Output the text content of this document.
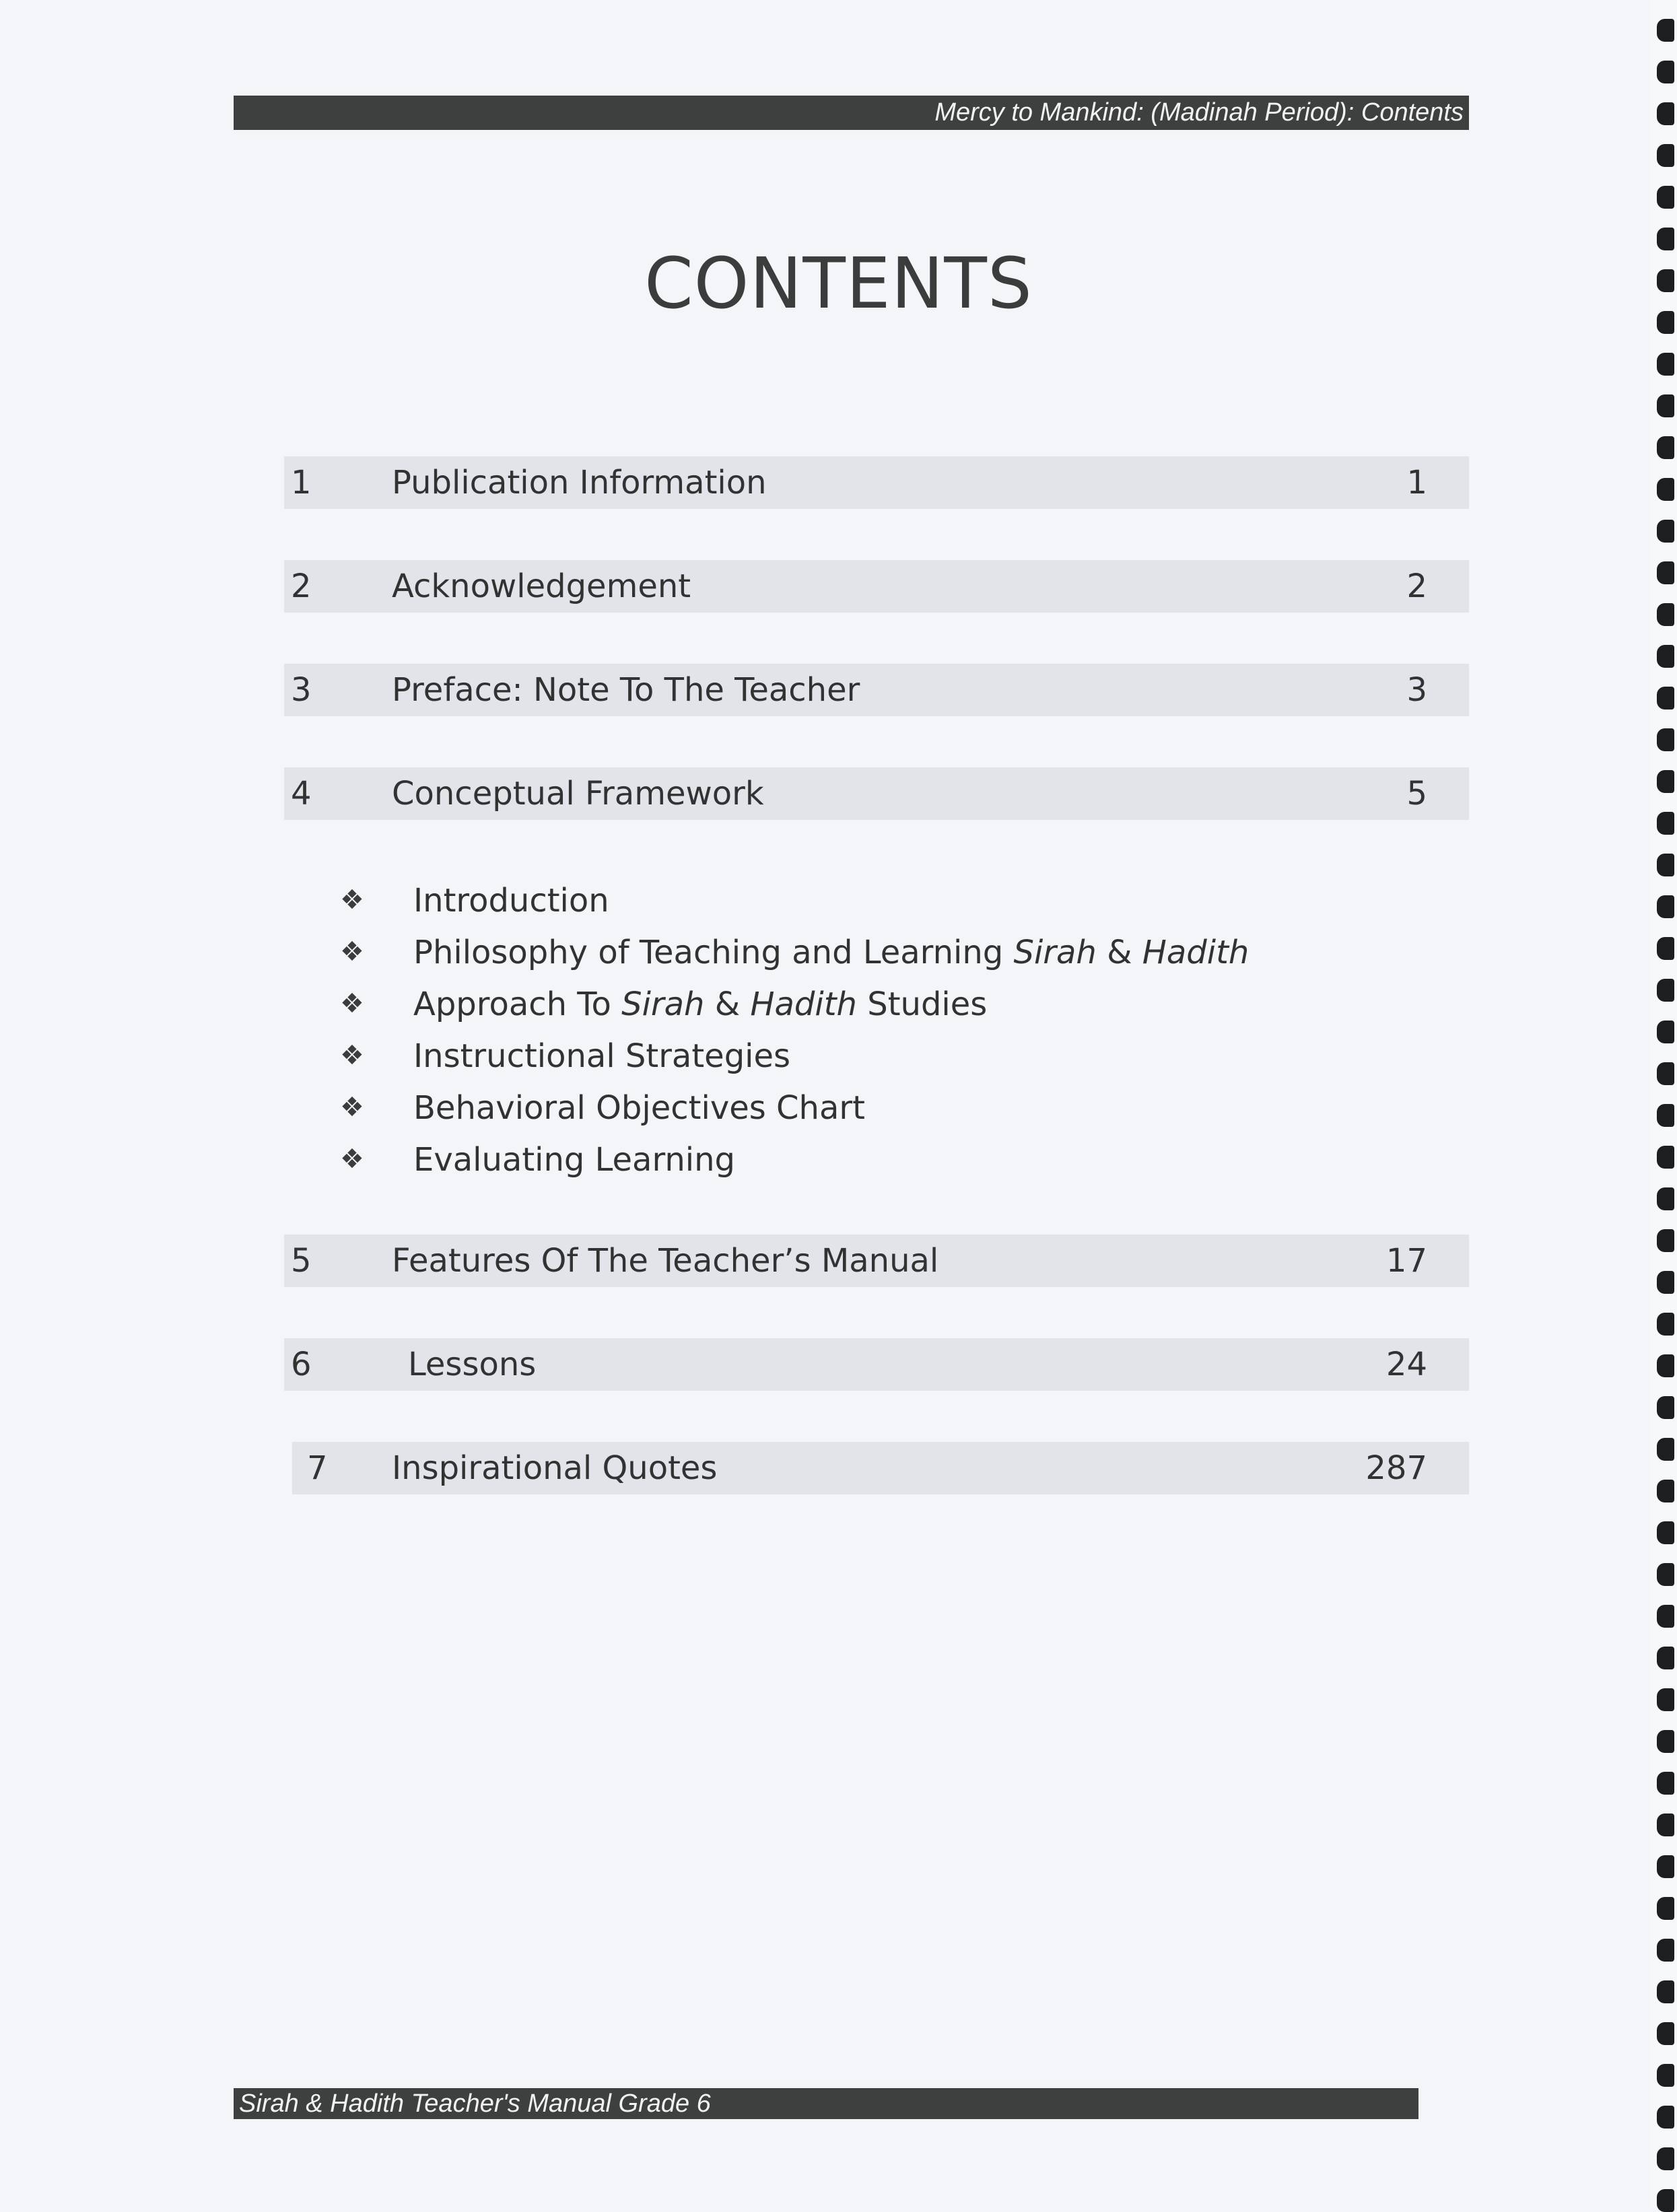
Mercy to Mankind: (Madinah Period): Contents
CONTENTS
1 Publication Information	1
2 Acknowledgement	2
3 Preface: Note To The Teacher	3
4 Conceptual Framework	5
❖ Introduction
❖ Philosophy of Teaching and Learning Sirah & Hadith
❖ Approach To Sirah & Hadith Studies
❖ Instructional Strategies
❖ Behavioral Objectives Chart
❖ Evaluating Learning
5 Features Of The Teacher’s Manual	17
6	Lessons	24
7 Inspirational Quotes	287
Sirah & Hadith Teacher's Manual Grade 6
